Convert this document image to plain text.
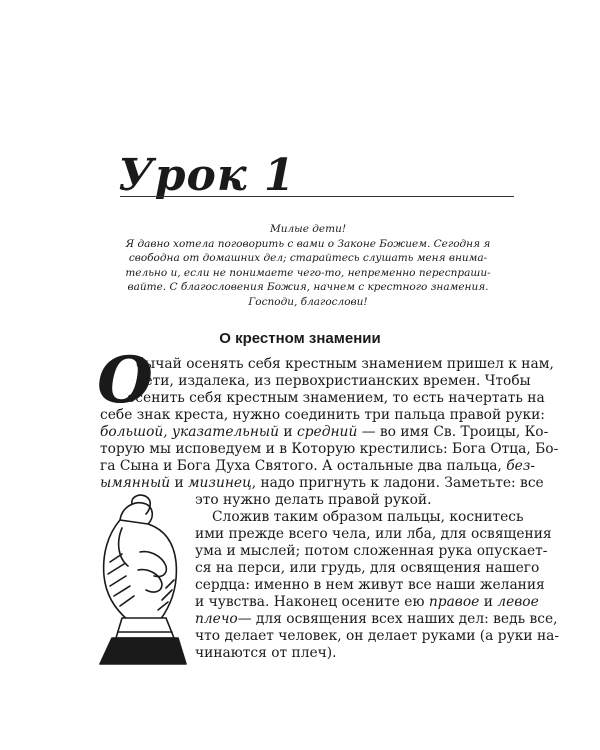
Урок 1
Милые дети!
Я давно хотела поговорить с вами о Законе Божием. Сегодня я
свободна от домашних дел; старайтесь слушать меня внима-
тельно и, если не понимаете чего-то, непременно переспраши-
вайте. С благословения Божия, начнем с крестного знамения.
Господи, благослови!
О крестном знамении
О
бычай осенять себя крестным знамением пришел к нам,
дети, издалека, из первохристианских времен. Чтобы
осенить себя крестным знамением, то есть начертать на
себе знак креста, нужно соединить три пальца правой руки:
большой, указательный и средний — во имя Св. Троицы, Ко-
торую мы исповедуем и в Которую крестились: Бога Отца, Бо-
га Сына и Бога Духа Святого. А остальные два пальца, без-
ымянный и мизинец, надо пригнуть к ладони. Заметьте: все
это нужно делать правой рукой.
Сложив таким образом пальцы, коснитесь
ими прежде всего чела, или лба, для освящения
ума и мыслей; потом сложенная рука опускает-
ся на перси, или грудь, для освящения нашего
сердца: именно в нем живут все наши желания
и чувства. Наконец осените ею правое и левое
плечо— для освящения всех наших дел: ведь все,
что делает человек, он делает руками (а руки на-
чинаются от плеч).
